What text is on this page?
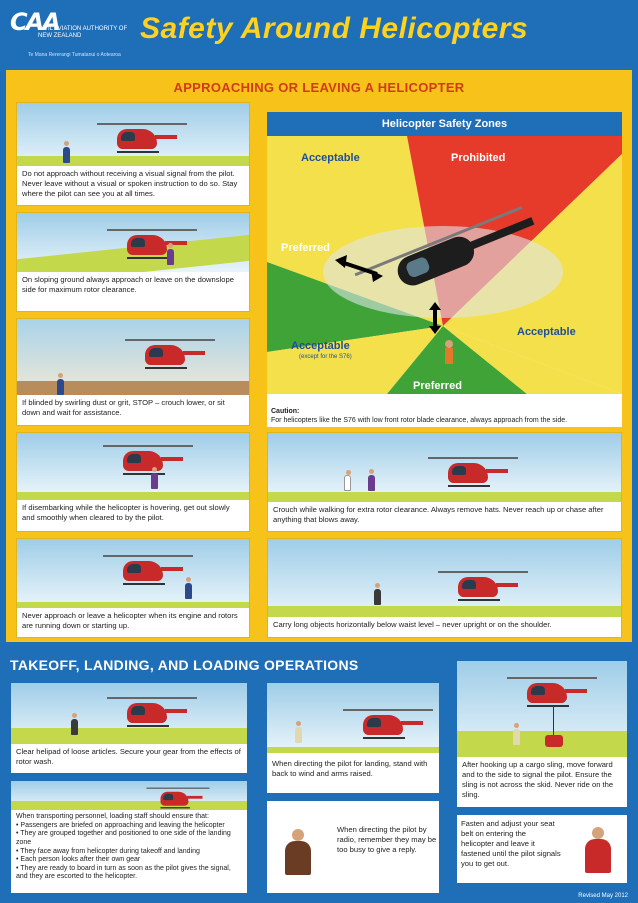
CAA
CIVIL AVIATION AUTHORITY OF NEW ZEALAND
Te Mana Rererangi Tumatanui o Aotearoa
Safety Around Helicopters
APPROACHING OR LEAVING A HELICOPTER
Do not approach without receiving a visual signal from the pilot. Never leave without a visual or spoken instruction to do so. Stay where the pilot can see you at all times.
On sloping ground always approach or leave on the downslope side for maximum rotor clearance.
If blinded by swirling dust or grit, STOP – crouch lower, or sit down and wait for assistance.
If disembarking while the helicopter is hovering, get out slowly and smoothly when cleared to by the pilot.
Never approach or leave a helicopter when its engine and rotors are running down or starting up.
Helicopter Safety Zones
Acceptable	Prohibited
Preferred
Acceptable
Acceptable
(except for the S76)
Preferred
Caution:
For helicopters like the S76 with low front rotor blade clearance, always approach from the side.
Crouch while walking for extra rotor clearance. Always remove hats. Never reach up or chase after anything that blows away.
Carry long objects horizontally below waist level – never upright or on the shoulder.
TAKEOFF, LANDING, AND LOADING OPERATIONS
Clear helipad of loose articles. Secure your gear from the effects of rotor wash.
When transporting personnel, loading staff should ensure that:
• Passengers are briefed on approaching and leaving the helicopter
• They are grouped together and positioned to one side of the landing zone
• They face away from helicopter during takeoff and landing
• Each person looks after their own gear
• They are ready to board in turn as soon as the pilot gives the signal, and they are escorted to the helicopter.
When directing the pilot for landing, stand with back to wind and arms raised.
When directing the pilot by radio, remember they may be too busy to give a reply.
After hooking up a cargo sling, move forward and to the side to signal the pilot. Ensure the sling is not across the skid. Never ride on the sling.
Fasten and adjust your seat belt on entering the helicopter and leave it fastened until the pilot signals you to get out.
Revised May 2012
